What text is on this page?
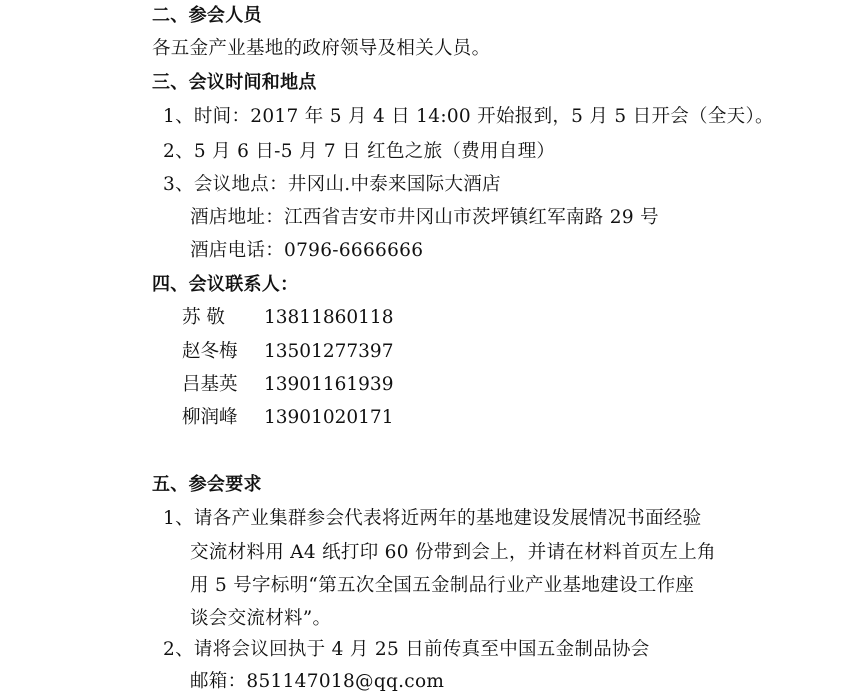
二、参会人员
各五金产业基地的政府领导及相关人员。
三、会议时间和地点
1、时间：2017 年 5 月 4 日 14:00 开始报到，5 月 5 日开会（全天）。
2、5 月 6 日-5 月 7 日 红色之旅（费用自理）
3、会议地点：井冈山.中泰来国际大酒店
酒店地址：江西省吉安市井冈山市茨坪镇红军南路 29 号
酒店电话：0796-6666666
四、会议联系人：
苏 敬 13811860118
赵冬梅 13501277397
吕基英 13901161939
柳润峰 13901020171
五、参会要求
1、请各产业集群参会代表将近两年的基地建设发展情况书面经验
交流材料用 A4 纸打印 60 份带到会上，并请在材料首页左上角
用 5 号字标明“第五次全国五金制品行业产业基地建设工作座
谈会交流材料”。
2、请将会议回执于 4 月 25 日前传真至中国五金制品协会
邮箱：851147018@qq.com
